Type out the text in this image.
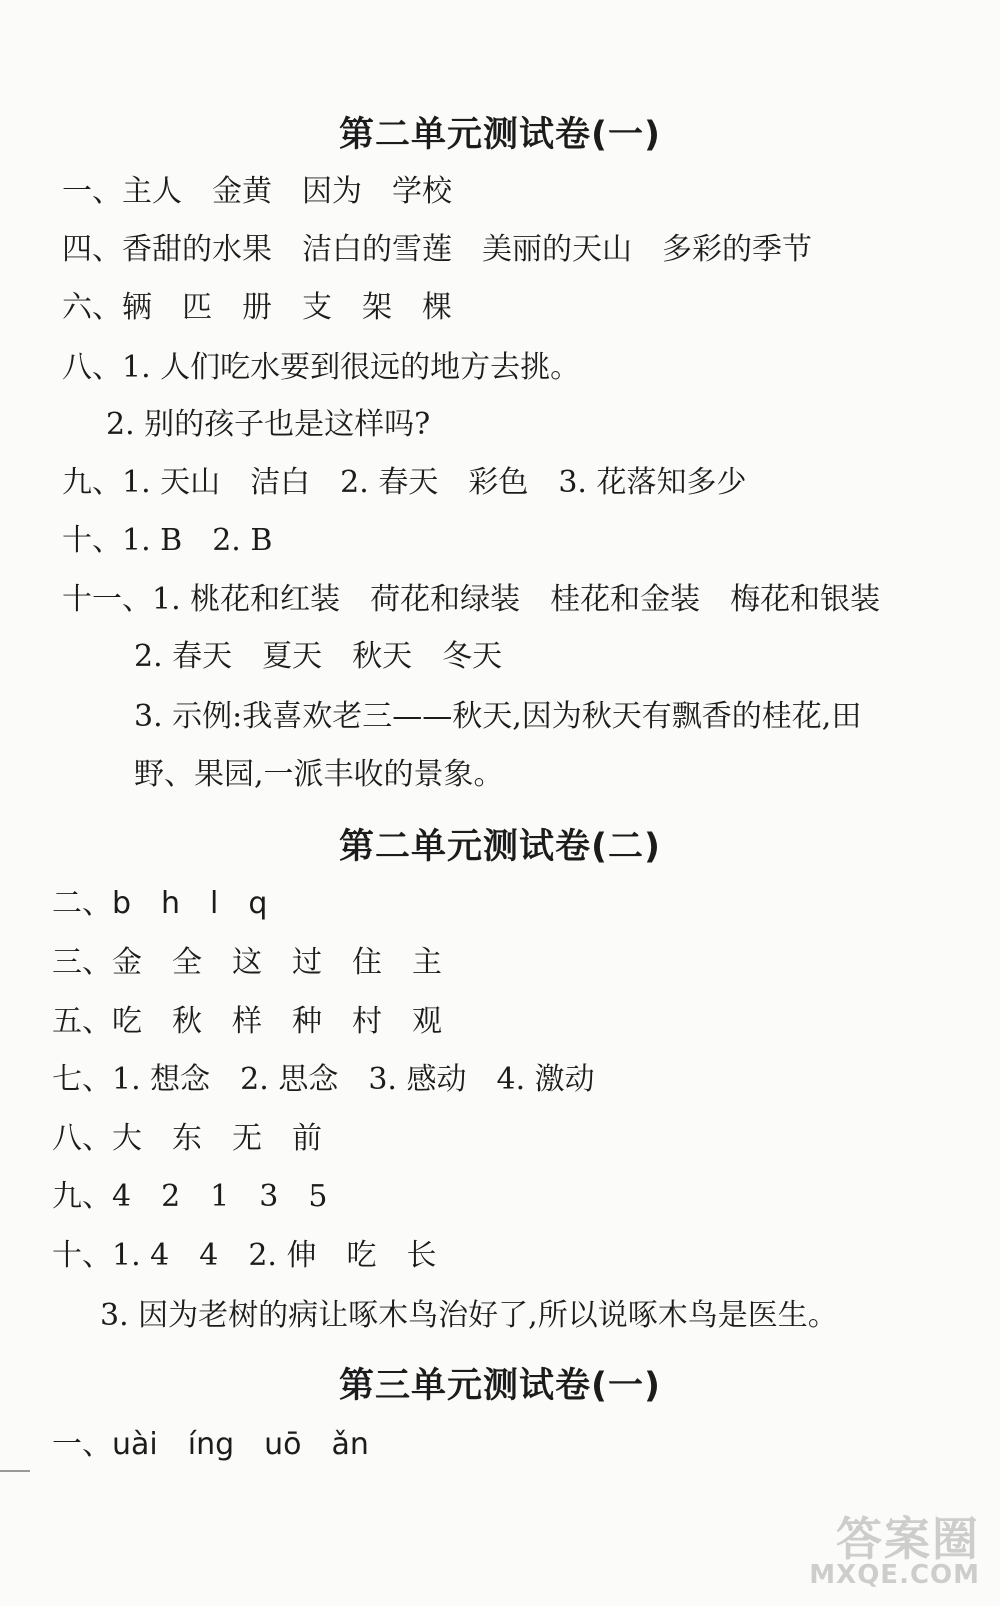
第二单元测试卷(一)
一、主人　金黄　因为　学校
四、香甜的水果　洁白的雪莲　美丽的天山　多彩的季节
六、辆　匹　册　支　架　棵
八、1. 人们吃水要到很远的地方去挑。
2. 别的孩子也是这样吗?
九、1. 天山　洁白　2. 春天　彩色　3. 花落知多少
十、1. B　2. B
十一、1. 桃花和红装　荷花和绿装　桂花和金装　梅花和银装
2. 春天　夏天　秋天　冬天
3. 示例:我喜欢老三——秋天,因为秋天有飘香的桂花,田
野、果园,一派丰收的景象。
第二单元测试卷(二)
二、b　h　l　q
三、金　全　这　过　住　主
五、吃　秋　样　种　村　观
七、1. 想念　2. 思念　3. 感动　4. 激动
八、大　东　无　前
九、4　2　1　3　5
十、1. 4　4　2. 伸　吃　长
3. 因为老树的病让啄木鸟治好了,所以说啄木鸟是医生。
第三单元测试卷(一)
一、uài　íng　uō　ǎn
答案圈
MXQE.COM
